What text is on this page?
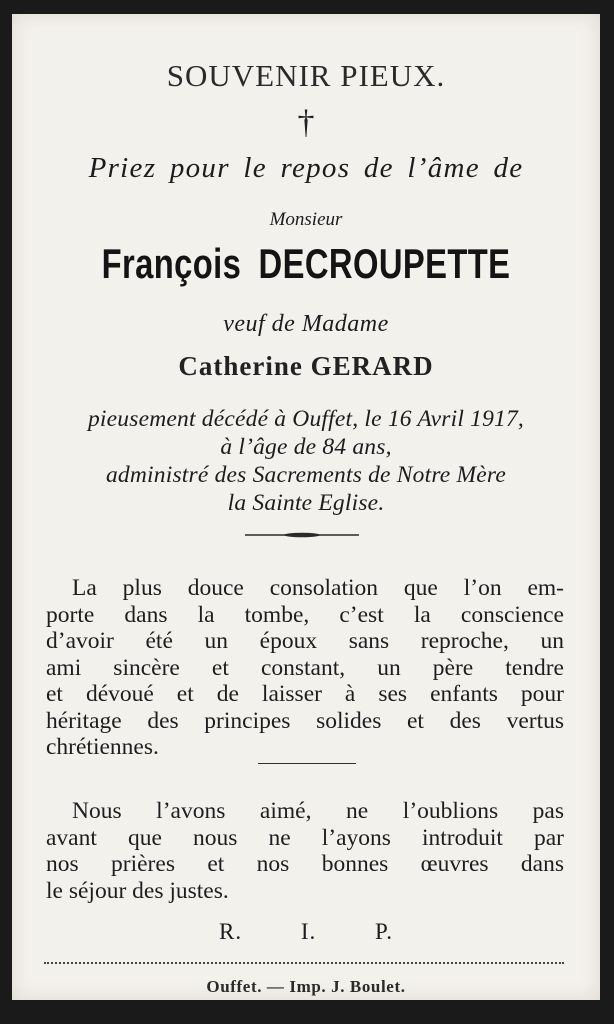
SOUVENIR PIEUX.
†
Priez pour le repos de l’âme de
Monsieur
François DECROUPETTE
veuf de Madame
Catherine GERARD
pieusement décédé à Ouffet, le 16 Avril 1917,
à l’âge de 84 ans,
administré des Sacrements de Notre Mère
la Sainte Eglise.
La plus douce consolation que l’on em-
porte dans la tombe, c’est la conscience
d’avoir été un époux sans reproche, un
ami sincère et constant, un père tendre
et dévoué et de laisser à ses enfants pour
héritage des principes solides et des vertus
chrétiennes.
Nous l’avons aimé, ne l’oublions pas
avant que nous ne l’ayons introduit par
nos prières et nos bonnes œuvres dans
le séjour des justes.
R. I. P.
Ouffet. — Imp. J. Boulet.
